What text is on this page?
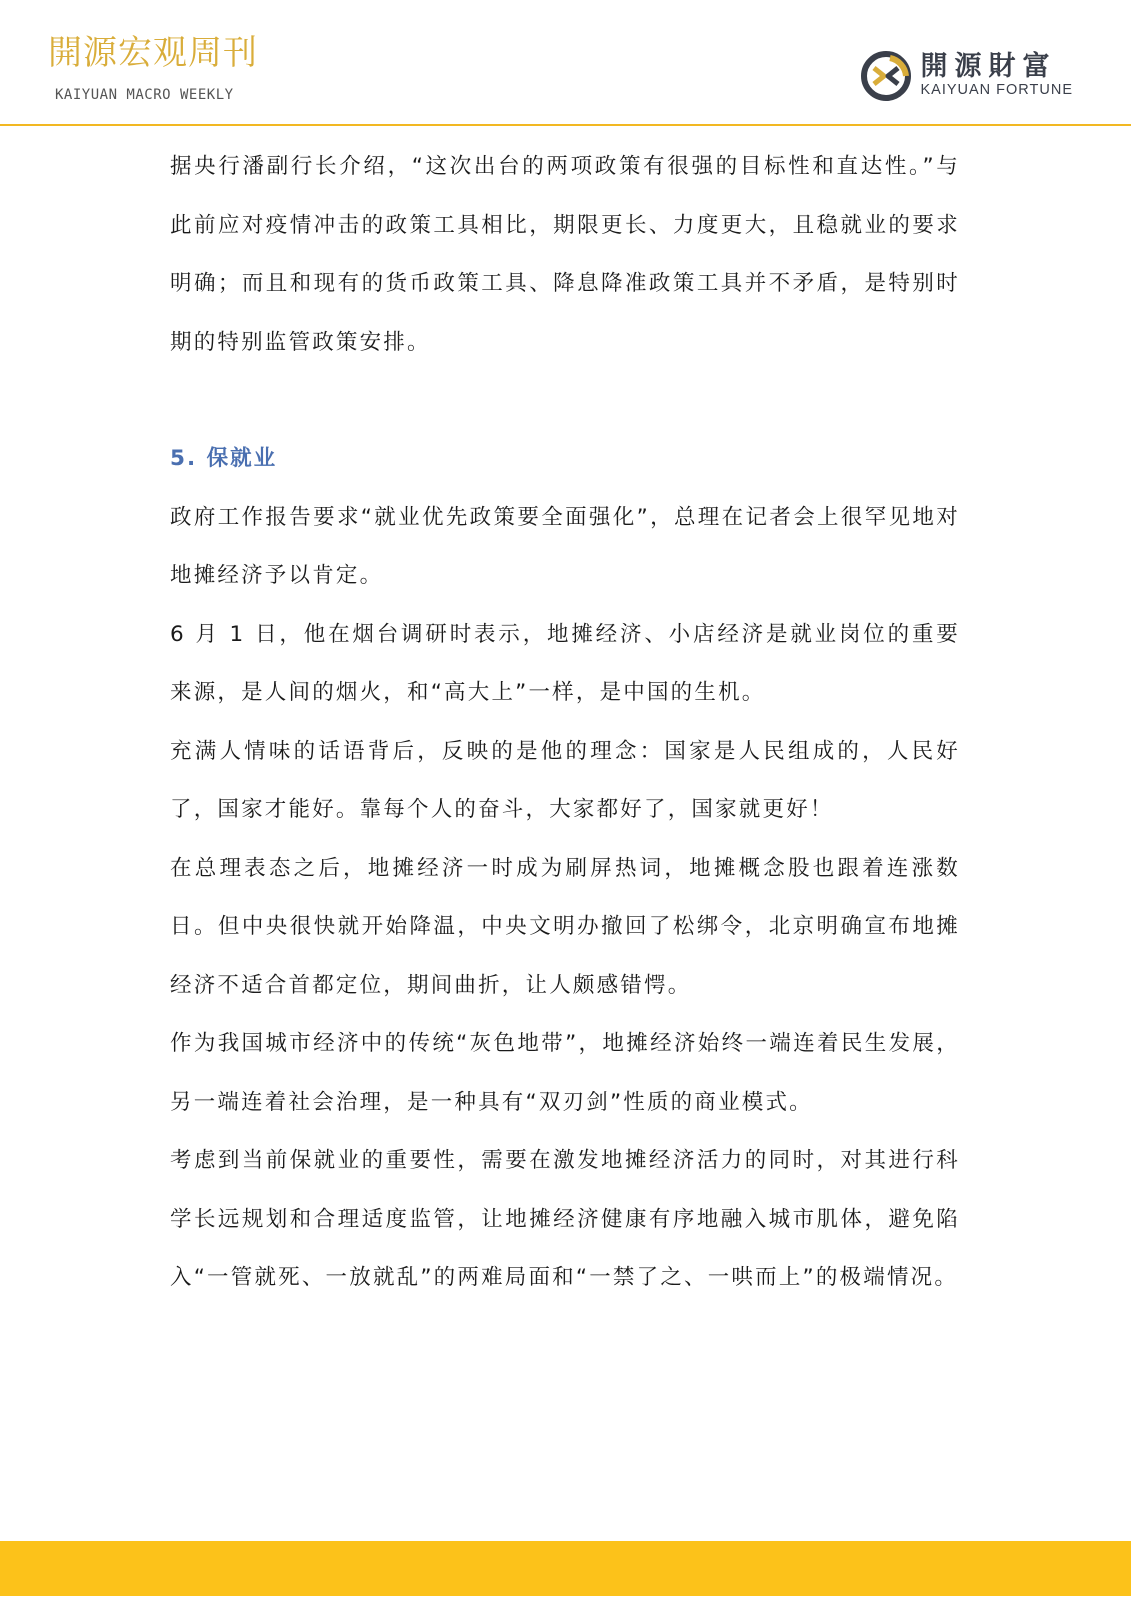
開源宏观周刊
KAIYUAN MACRO WEEKLY
開源財富
KAIYUAN FORTUNE

据央行潘副行长介绍，“这次出台的两项政策有很强的目标性和直达性。”与此前应对疫情冲击的政策工具相比，期限更长、力度更大，且稳就业的要求明确；而且和现有的货币政策工具、降息降准政策工具并不矛盾，是特别时期的特别监管政策安排。

5. 保就业

政府工作报告要求“就业优先政策要全面强化”，总理在记者会上很罕见地对地摊经济予以肯定。

6 月 1 日，他在烟台调研时表示，地摊经济、小店经济是就业岗位的重要来源，是人间的烟火，和“高大上”一样，是中国的生机。

充满人情味的话语背后，反映的是他的理念：国家是人民组成的，人民好了，国家才能好。靠每个人的奋斗，大家都好了，国家就更好！

在总理表态之后，地摊经济一时成为刷屏热词，地摊概念股也跟着连涨数日。但中央很快就开始降温，中央文明办撤回了松绑令，北京明确宣布地摊经济不适合首都定位，期间曲折，让人颇感错愕。

作为我国城市经济中的传统“灰色地带”，地摊经济始终一端连着民生发展，另一端连着社会治理，是一种具有“双刃剑”性质的商业模式。

考虑到当前保就业的重要性，需要在激发地摊经济活力的同时，对其进行科学长远规划和合理适度监管，让地摊经济健康有序地融入城市肌体，避免陷入“一管就死、一放就乱”的两难局面和“一禁了之、一哄而上”的极端情况。
